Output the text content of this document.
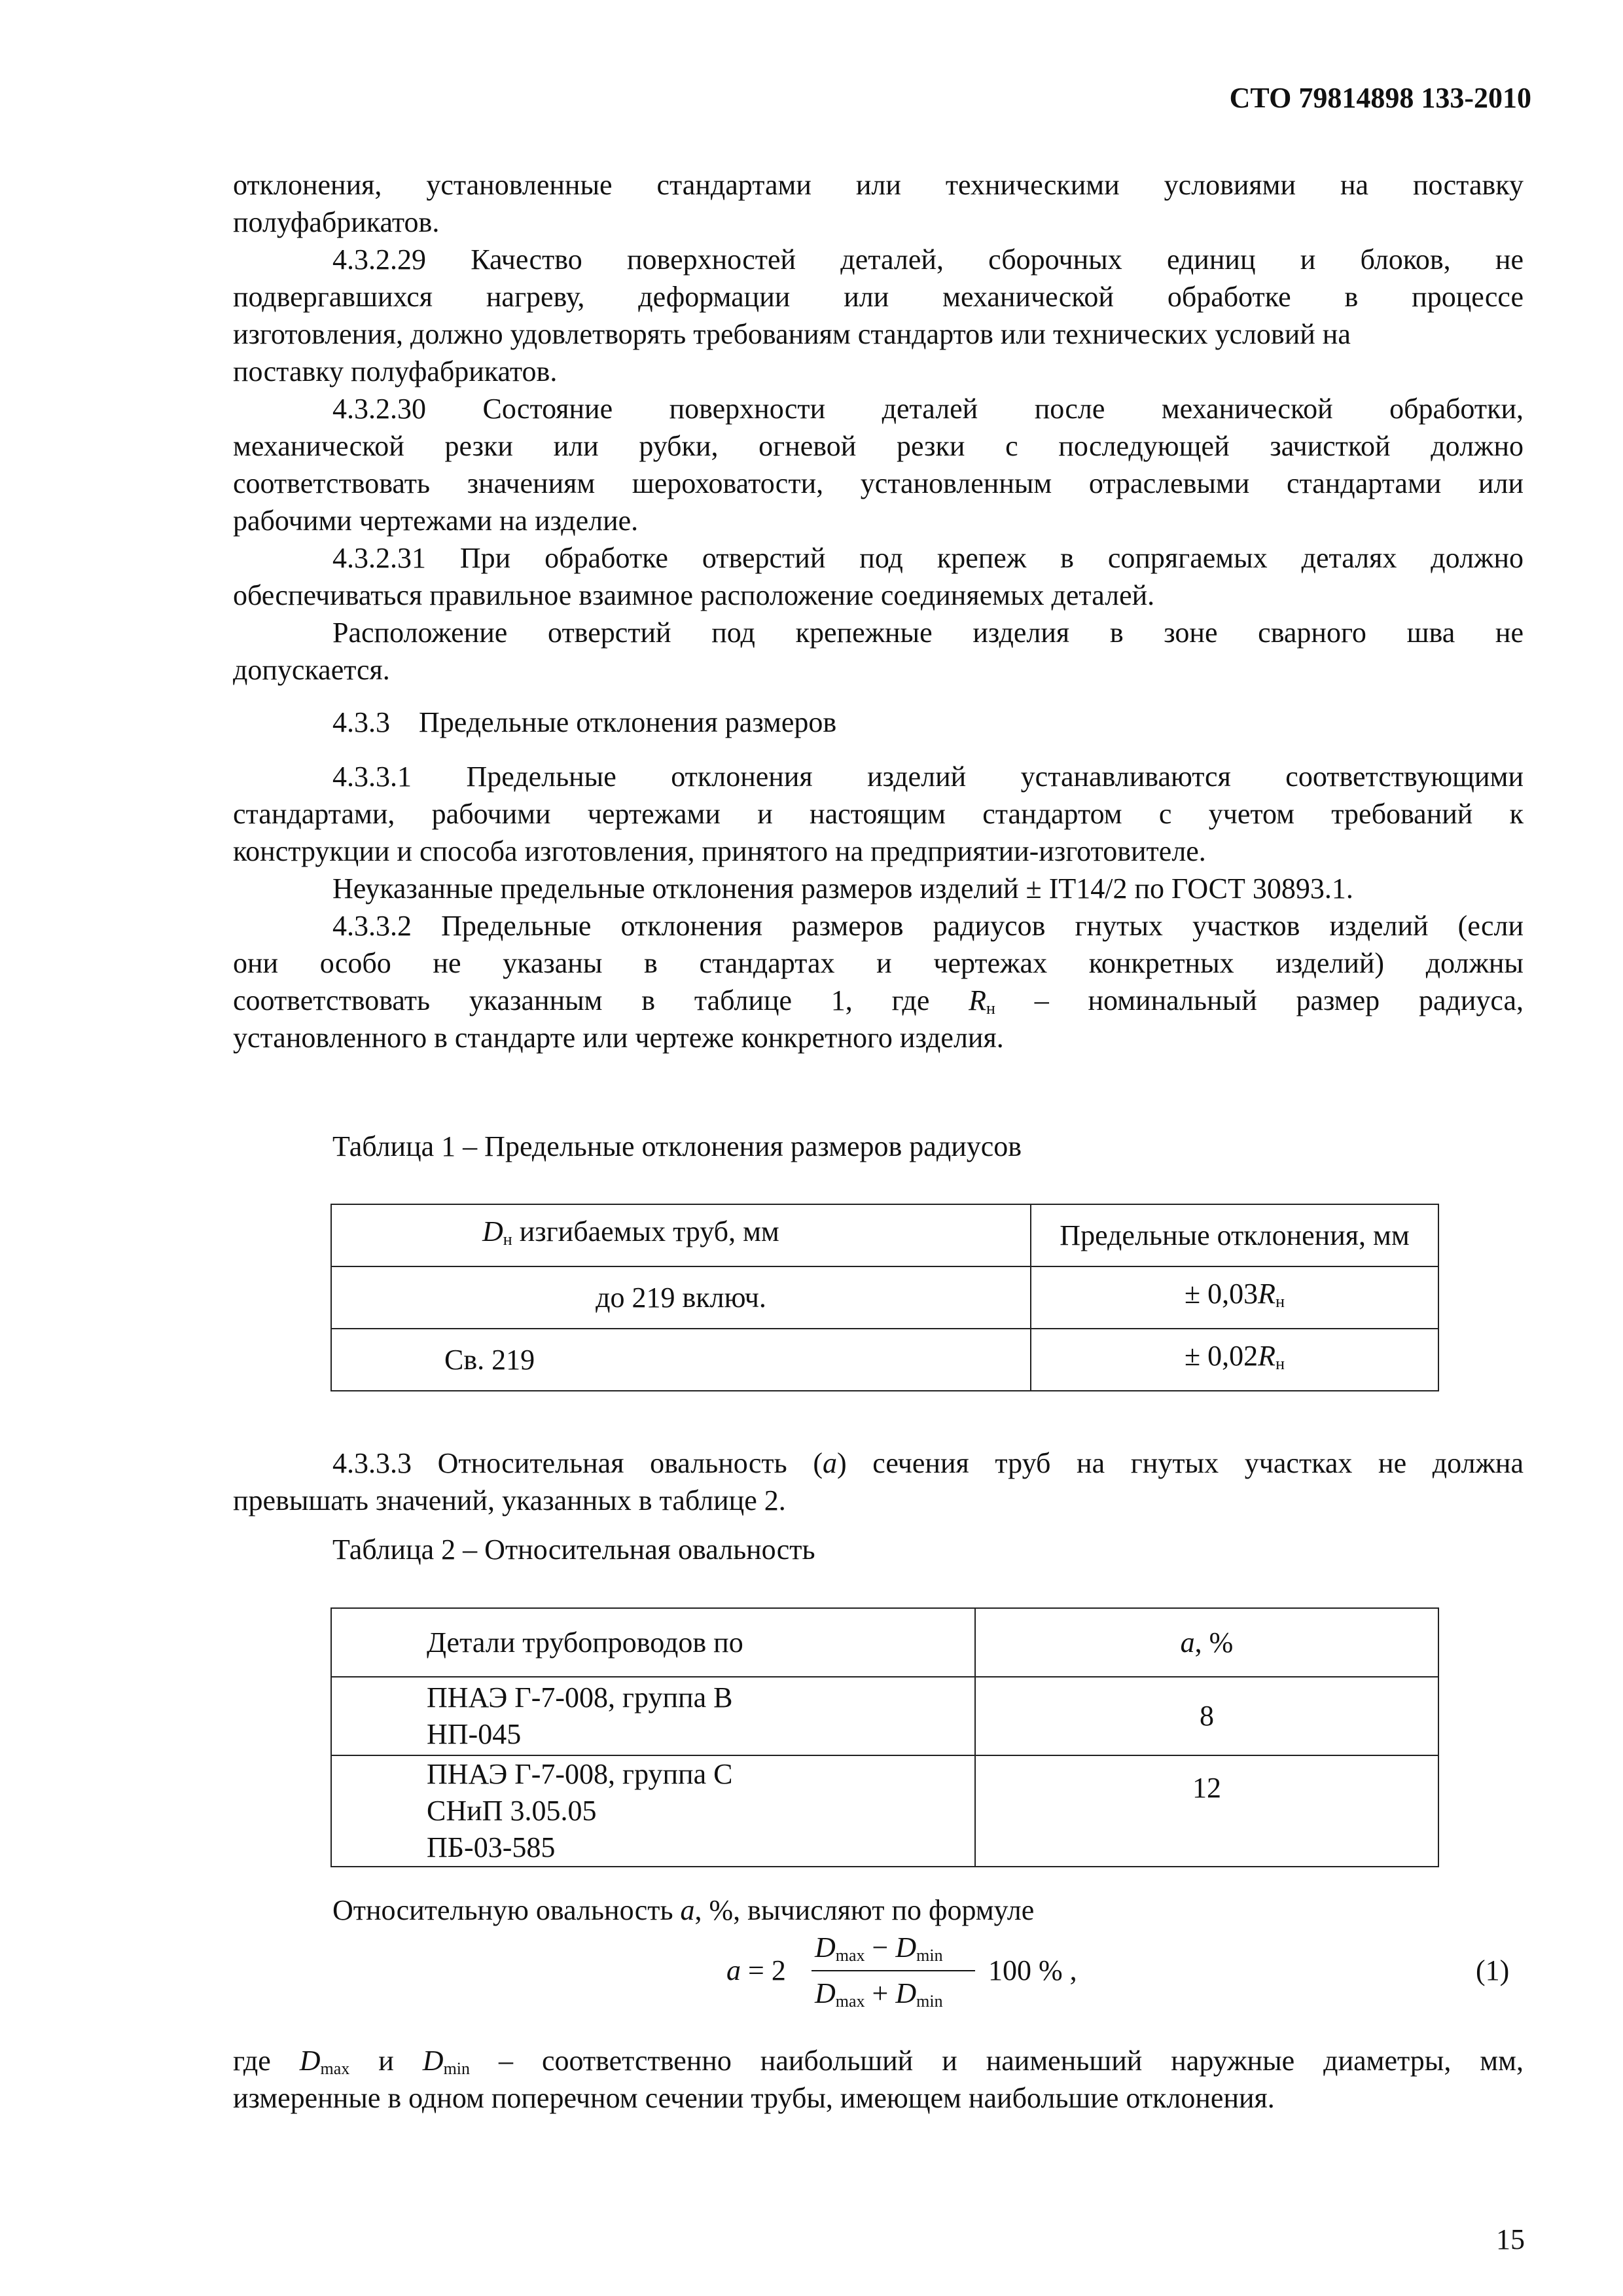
СТО 79814898 133-2010
отклонения, установленные стандартами или техническими условиями на поставку
полуфабрикатов.
4.3.2.29 Качество поверхностей деталей, сборочных единиц и блоков, не
подвергавшихся нагреву, деформации или механической обработке в процессе
изготовления, должно удовлетворять требованиям стандартов или технических условий на
поставку полуфабрикатов.
4.3.2.30 Состояние поверхности деталей после механической обработки,
механической резки или рубки, огневой резки с последующей зачисткой должно
соответствовать значениям шероховатости, установленным отраслевыми стандартами или
рабочими чертежами на изделие.
4.3.2.31 При обработке отверстий под крепеж в сопрягаемых деталях должно
обеспечиваться правильное взаимное расположение соединяемых деталей.
Расположение отверстий под крепежные изделия в зоне сварного шва не
допускается.
4.3.3    Предельные отклонения размеров
4.3.3.1 Предельные отклонения изделий устанавливаются соответствующими
стандартами, рабочими чертежами и настоящим стандартом с учетом требований к
конструкции и способа изготовления, принятого на предприятии-изготовителе.
Неуказанные предельные отклонения размеров изделий ± IT14/2 по ГОСТ 30893.1.
4.3.3.2 Предельные отклонения размеров радиусов гнутых участков изделий (если
они особо не указаны в стандартах и чертежах конкретных изделий) должны
соответствовать указанным в таблице 1, где $R_н$ – номинальный размер радиуса,
установленного в стандарте или чертеже конкретного изделия.
Таблица 1 – Предельные отклонения размеров радиусов
$D_н$ изгибаемых труб, мм	Предельные отклонения, мм
до 219 включ.	± $0,03R_н$
Св. 219	± $0,02R_н$
4.3.3.3 Относительная овальность (a) сечения труб на гнутых участках не должна
превышать значений, указанных в таблице 2.
Таблица 2 – Относительная овальность
Детали трубопроводов по	a, %

ПНАЭ Г-7-008, группа В
НП-045	8

ПНАЭ Г-7-008, группа С
СНиП 3.05.05
ПБ-03-585	12
Относительную овальность a, %, вычисляют по формуле
a = 2
$D_{max} - D_{min}$
$D_{max} + D_{min}$
100 % ,	(1)
где $D_{max}$ и $D_{min}$ – соответственно наибольший и наименьший наружные диаметры, мм,
измеренные в одном поперечном сечении трубы, имеющем наибольшие отклонения.
15
